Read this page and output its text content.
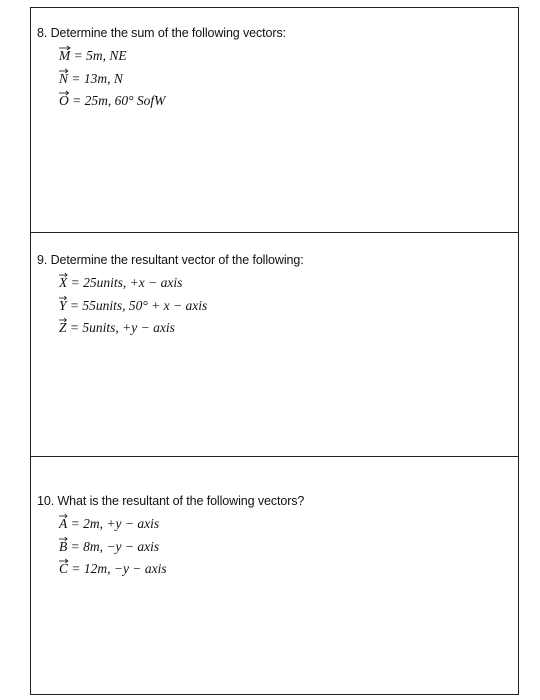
8. Determine the sum of the following vectors:
M = 5m, NE
N = 13m, N
O = 25m, 60° SofW
9. Determine the resultant vector of the following:
X = 25units, +x − axis
Y = 55units, 50° + x − axis
Z = 5units, +y − axis
10. What is the resultant of the following vectors?
A = 2m, +y − axis
B = 8m, −y − axis
C = 12m, −y − axis
